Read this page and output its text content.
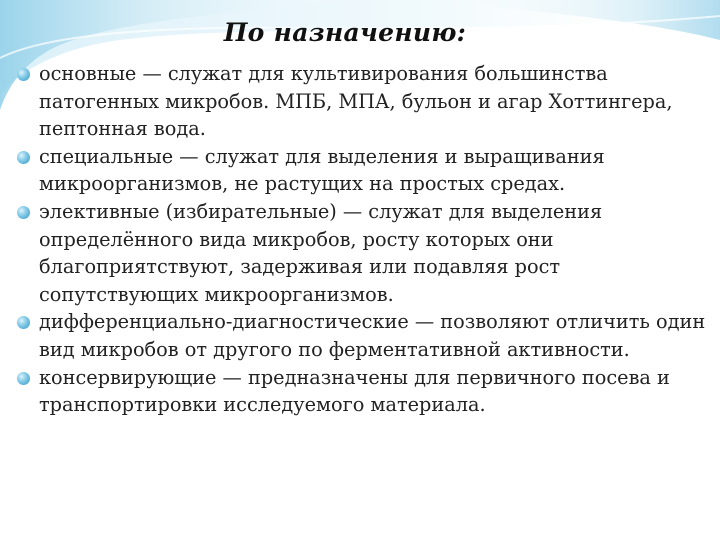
По назначению:
основные — служат для культивирования большинства патогенных микробов. МПБ, МПА, бульон и агар Хоттингера, пептонная вода.
специальные — служат для выделения и выращивания микроорганизмов, не растущих на простых средах.
элективные (избирательные) — служат для выделения определённого вида микробов, росту которых они благоприятствуют, задерживая или подавляя рост сопутствующих микроорганизмов.
дифференциально-диагностические — позволяют отличить один вид микробов от другого по ферментативной активности.
консервирующие — предназначены для первичного посева и транспортировки исследуемого материала.
